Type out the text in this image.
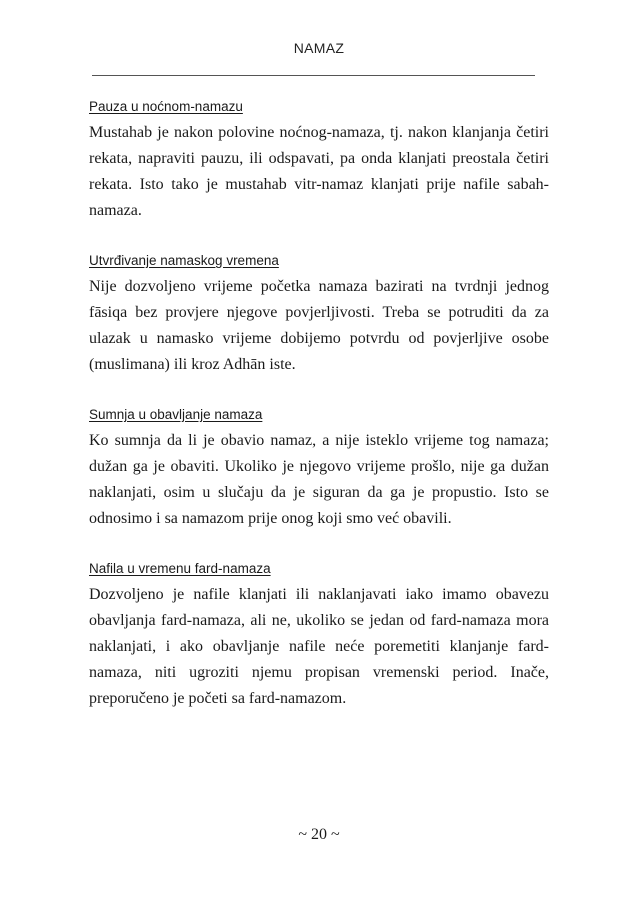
NAMAZ
Pauza u noćnom-namazu

Mustahab je nakon polovine noćnog-namaza, tj. nakon klanjanja četiri rekata, napraviti pauzu, ili odspavati, pa onda klanjati preostala četiri rekata. Isto tako je mustahab vitr-namaz klanjati prije nafile sabah-namaza.

Utvrđivanje namaskog vremena

Nije dozvoljeno vrijeme početka namaza bazirati na tvrdnji jednog fāsiqa bez provjere njegove povjerljivosti. Treba se potruditi da za ulazak u namasko vrijeme dobijemo potvrdu od povjerljive osobe (muslimana) ili kroz Adhān iste.

Sumnja u obavljanje namaza

Ko sumnja da li je obavio namaz, a nije isteklo vrijeme tog namaza; dužan ga je obaviti. Ukoliko je njegovo vrijeme prošlo, nije ga dužan naklanjati, osim u slučaju da je siguran da ga je propustio. Isto se odnosimo i sa namazom prije onog koji smo već obavili.

Nafila u vremenu fard-namaza

Dozvoljeno je nafile klanjati ili naklanjavati iako imamo obavezu obavljanja fard-namaza, ali ne, ukoliko se jedan od fard-namaza mora naklanjati, i ako obavljanje nafile neće poremetiti klanjanje fard-namaza, niti ugroziti njemu propisan vremenski period. Inače, preporučeno je početi sa fard-namazom.

~ 20 ~
